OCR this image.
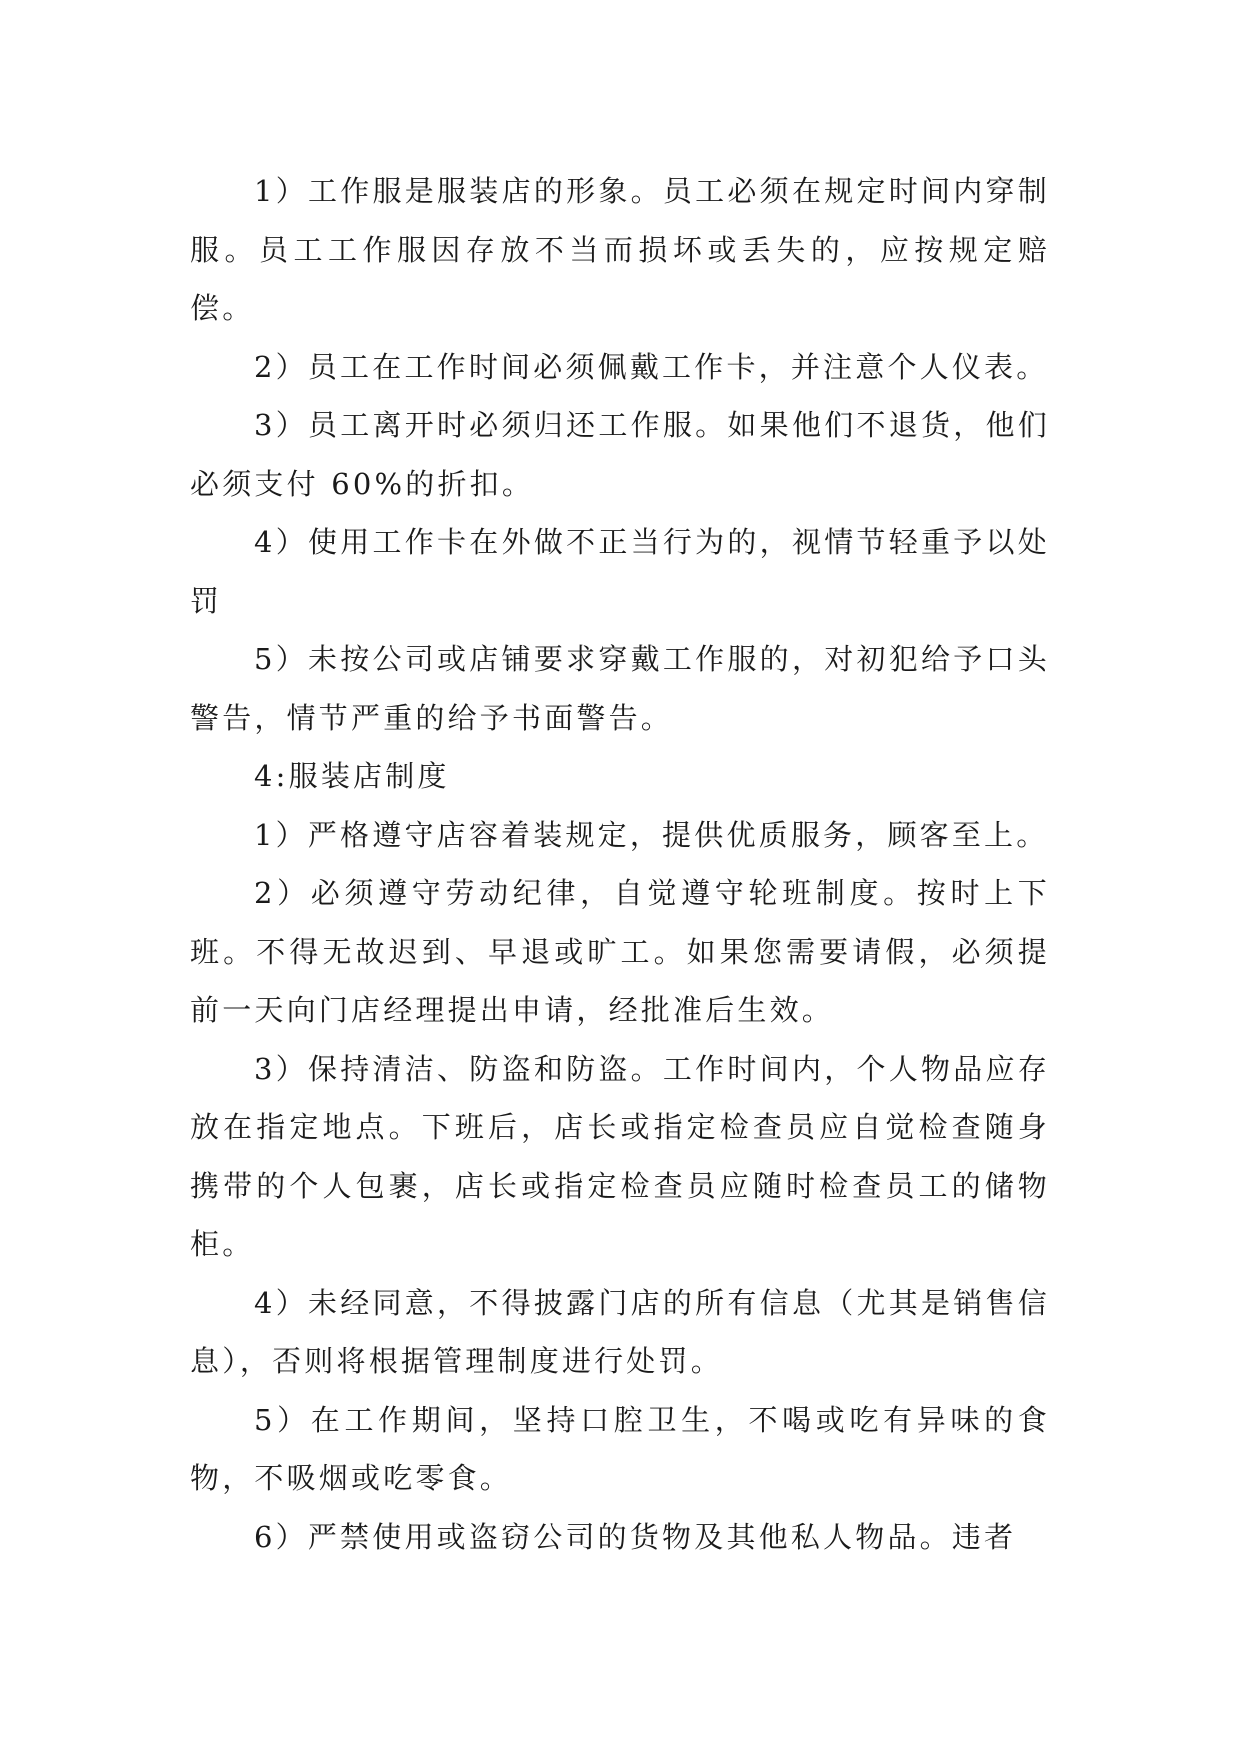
1）工作服是服装店的形象。员工必须在规定时间内穿制服。员工工作服因存放不当而损坏或丢失的，应按规定赔偿。

2）员工在工作时间必须佩戴工作卡，并注意个人仪表。

3）员工离开时必须归还工作服。如果他们不退货，他们必须支付 60%的折扣。

4）使用工作卡在外做不正当行为的，视情节轻重予以处罚

5）未按公司或店铺要求穿戴工作服的，对初犯给予口头警告，情节严重的给予书面警告。

4:服装店制度

1）严格遵守店容着装规定，提供优质服务，顾客至上。

2）必须遵守劳动纪律，自觉遵守轮班制度。按时上下班。不得无故迟到、早退或旷工。如果您需要请假，必须提前一天向门店经理提出申请，经批准后生效。

3）保持清洁、防盗和防盗。工作时间内，个人物品应存放在指定地点。下班后，店长或指定检查员应自觉检查随身携带的个人包裹，店长或指定检查员应随时检查员工的储物柜。

4）未经同意，不得披露门店的所有信息（尤其是销售信息），否则将根据管理制度进行处罚。

5）在工作期间，坚持口腔卫生，不喝或吃有异味的食物，不吸烟或吃零食。

6）严禁使用或盗窃公司的货物及其他私人物品。违者
